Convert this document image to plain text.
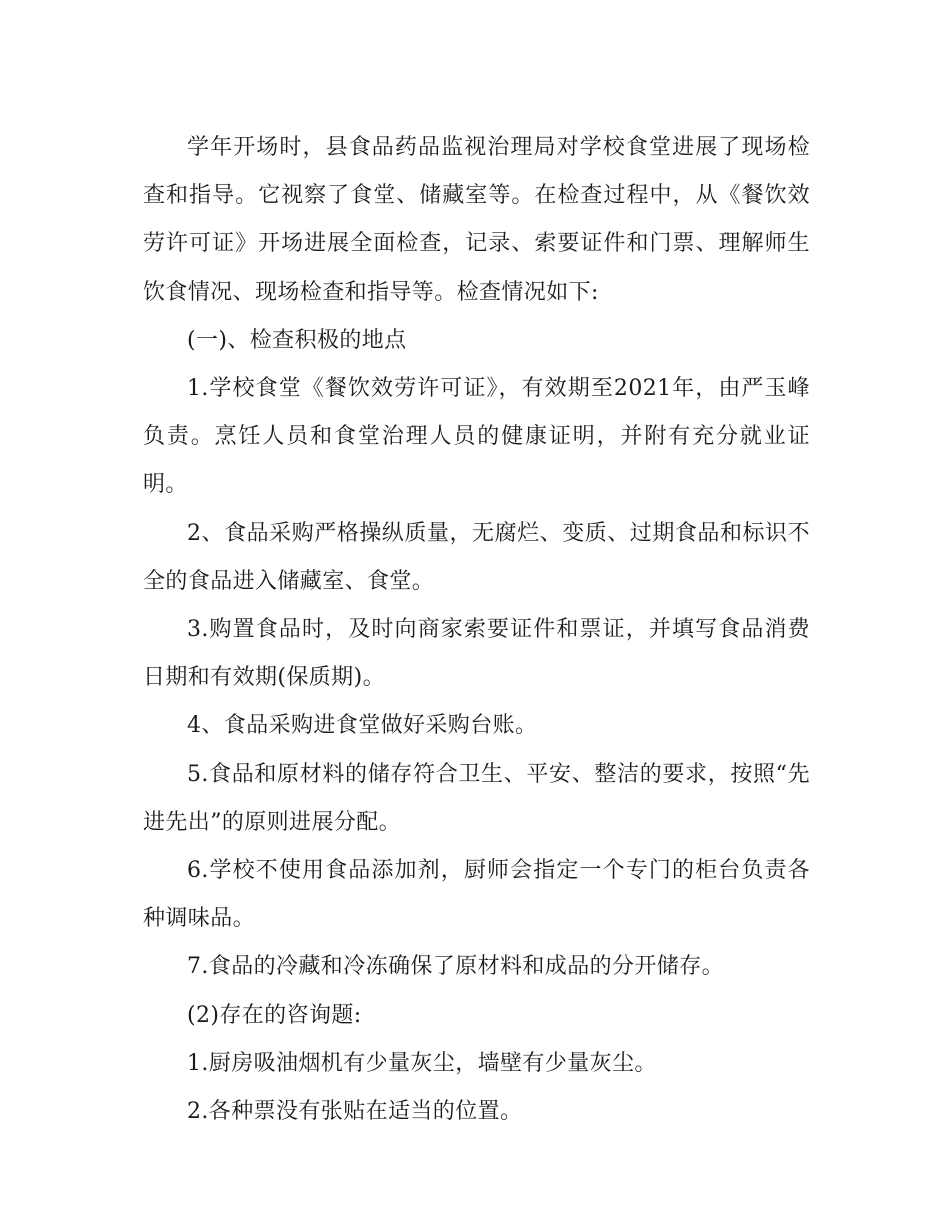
学年开场时，县食品药品监视治理局对学校食堂进展了现场检查和指导。它视察了食堂、储藏室等。在检查过程中，从《餐饮效劳许可证》开场进展全面检查，记录、索要证件和门票、理解师生饮食情况、现场检查和指导等。检查情况如下:

(一)、检查积极的地点

1.学校食堂《餐饮效劳许可证》，有效期至2021年，由严玉峰负责。烹饪人员和食堂治理人员的健康证明，并附有充分就业证明。

2、食品采购严格操纵质量，无腐烂、变质、过期食品和标识不全的食品进入储藏室、食堂。

3.购置食品时，及时向商家索要证件和票证，并填写食品消费日期和有效期(保质期)。

4、食品采购进食堂做好采购台账。

5.食品和原材料的储存符合卫生、平安、整洁的要求，按照“先进先出”的原则进展分配。

6.学校不使用食品添加剂，厨师会指定一个专门的柜台负责各种调味品。

7.食品的冷藏和冷冻确保了原材料和成品的分开储存。

(2)存在的咨询题:

1.厨房吸油烟机有少量灰尘，墙壁有少量灰尘。

2.各种票没有张贴在适当的位置。
